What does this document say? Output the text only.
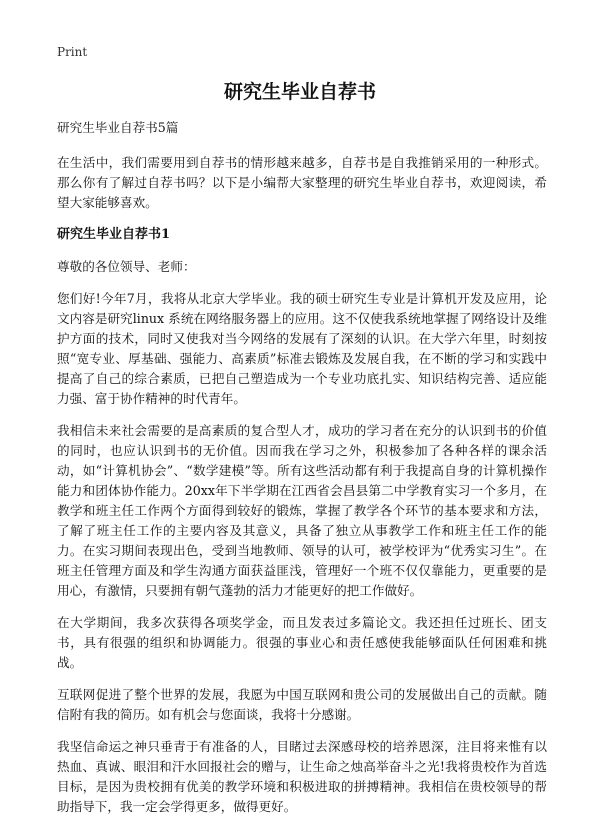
Print
研究生毕业自荐书

研究生毕业自荐书5篇

在生活中，我们需要用到自荐书的情形越来越多，自荐书是自我推销采用的一种形式。那么你有了解过自荐书吗？以下是小编帮大家整理的研究生毕业自荐书，欢迎阅读，希望大家能够喜欢。

研究生毕业自荐书1

尊敬的各位领导、老师：

您们好!今年7月，我将从北京大学毕业。我的硕士研究生专业是计算机开发及应用，论文内容是研究linux 系统在网络服务器上的应用。这不仅使我系统地掌握了网络设计及维护方面的技术，同时又使我对当今网络的发展有了深刻的认识。在大学六年里，时刻按照“宽专业、厚基础、强能力、高素质”标准去锻炼及发展自我，在不断的学习和实践中提高了自己的综合素质，已把自己塑造成为一个专业功底扎实、知识结构完善、适应能力强、富于协作精神的时代青年。

我相信未来社会需要的是高素质的复合型人才，成功的学习者在充分的认识到书的价值的同时，也应认识到书的无价值。因而我在学习之外，积极参加了各种各样的课余活动，如“计算机协会”、“数学建模”等。所有这些活动都有利于我提高自身的计算机操作能力和团体协作能力。20xx年下半学期在江西省会昌县第二中学教育实习一个多月，在教学和班主任工作两个方面得到较好的锻炼，掌握了教学各个环节的基本要求和方法，了解了班主任工作的主要内容及其意义，具备了独立从事教学工作和班主任工作的能力。在实习期间表现出色，受到当地教师、领导的认可，被学校评为“优秀实习生”。在班主任管理方面及和学生沟通方面获益匪浅，管理好一个班不仅仅靠能力，更重要的是用心，有激情，只要拥有朝气蓬勃的活力才能更好的把工作做好。

在大学期间，我多次获得各项奖学金，而且发表过多篇论文。我还担任过班长、团支书，具有很强的组织和协调能力。很强的事业心和责任感使我能够面队任何困难和挑战。

互联网促进了整个世界的发展，我愿为中国互联网和贵公司的发展做出自己的贡献。随信附有我的简历。如有机会与您面谈，我将十分感谢。

我坚信命运之神只垂青于有准备的人，目睹过去深感母校的培养恩深，注目将来惟有以热血、真诚、眼泪和汗水回报社会的赠与，让生命之烛高举奋斗之光!我将贵校作为首选目标，是因为贵校拥有优美的教学环境和积极进取的拼搏精神。我相信在贵校领导的帮助指导下，我一定会学得更多，做得更好。
